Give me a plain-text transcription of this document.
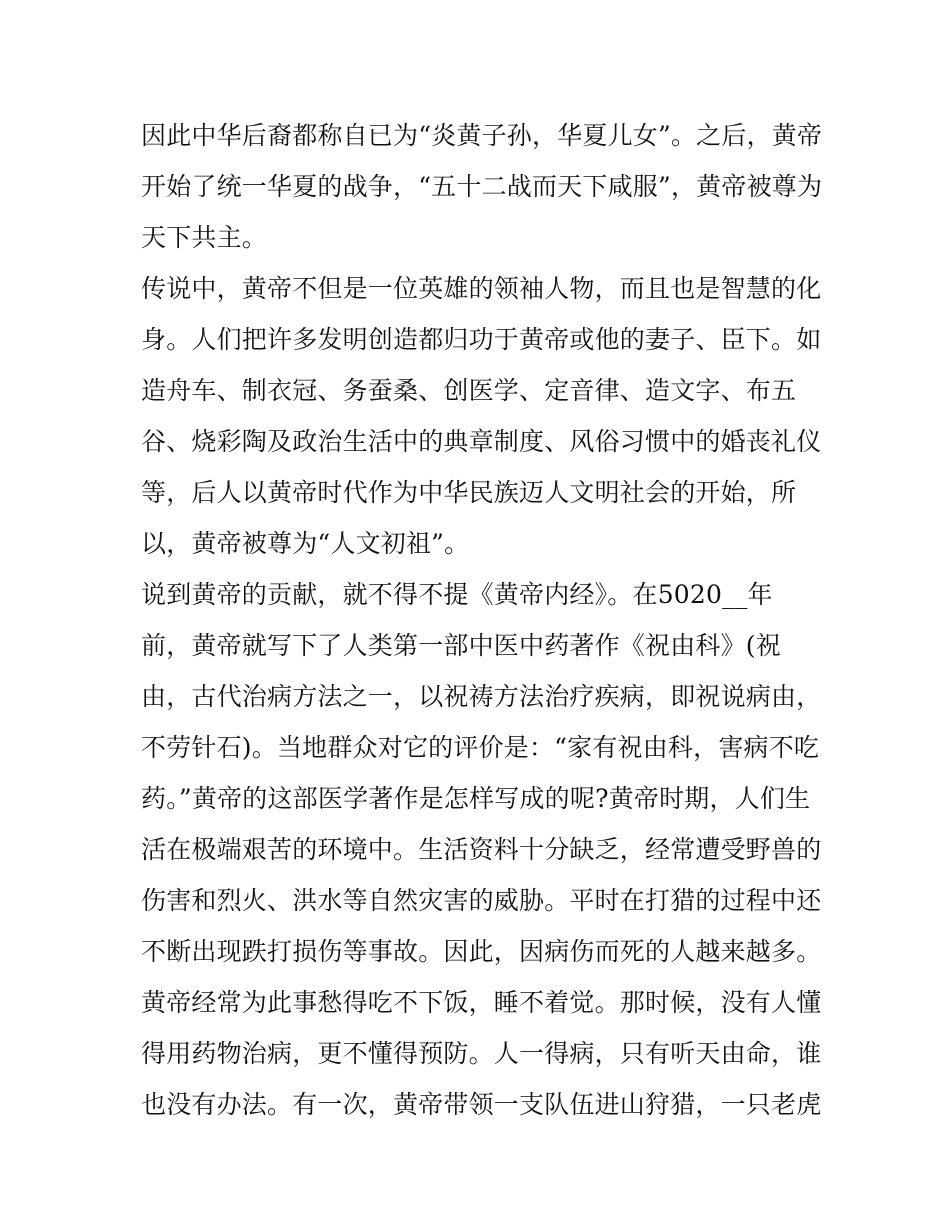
因此中华后裔都称自已为“炎黄子孙，华夏儿女”。之后，黄帝
开始了统一华夏的战争，“五十二战而天下咸服”，黄帝被尊为
天下共主。
传说中，黄帝不但是一位英雄的领袖人物，而且也是智慧的化
身。人们把许多发明创造都归功于黄帝或他的妻子、臣下。如
造舟车、制衣冠、务蚕桑、创医学、定音律、造文字、布五
谷、烧彩陶及政治生活中的典章制度、风俗习惯中的婚丧礼仪
等，后人以黄帝时代作为中华民族迈人文明社会的开始，所
以，黄帝被尊为“人文初祖”。
说到黄帝的贡献，就不得不提《黄帝内经》。在5020__年
前，黄帝就写下了人类第一部中医中药著作《祝由科》(祝
由，古代治病方法之一，以祝祷方法治疗疾病，即祝说病由，
不劳针石)。当地群众对它的评价是：“家有祝由科，害病不吃
药。”黄帝的这部医学著作是怎样写成的呢?黄帝时期，人们生
活在极端艰苦的环境中。生活资料十分缺乏，经常遭受野兽的
伤害和烈火、洪水等自然灾害的威胁。平时在打猎的过程中还
不断出现跌打损伤等事故。因此，因病伤而死的人越来越多。
黄帝经常为此事愁得吃不下饭，睡不着觉。那时候，没有人懂
得用药物治病，更不懂得预防。人一得病，只有听天由命，谁
也没有办法。有一次，黄帝带领一支队伍进山狩猎，一只老虎
